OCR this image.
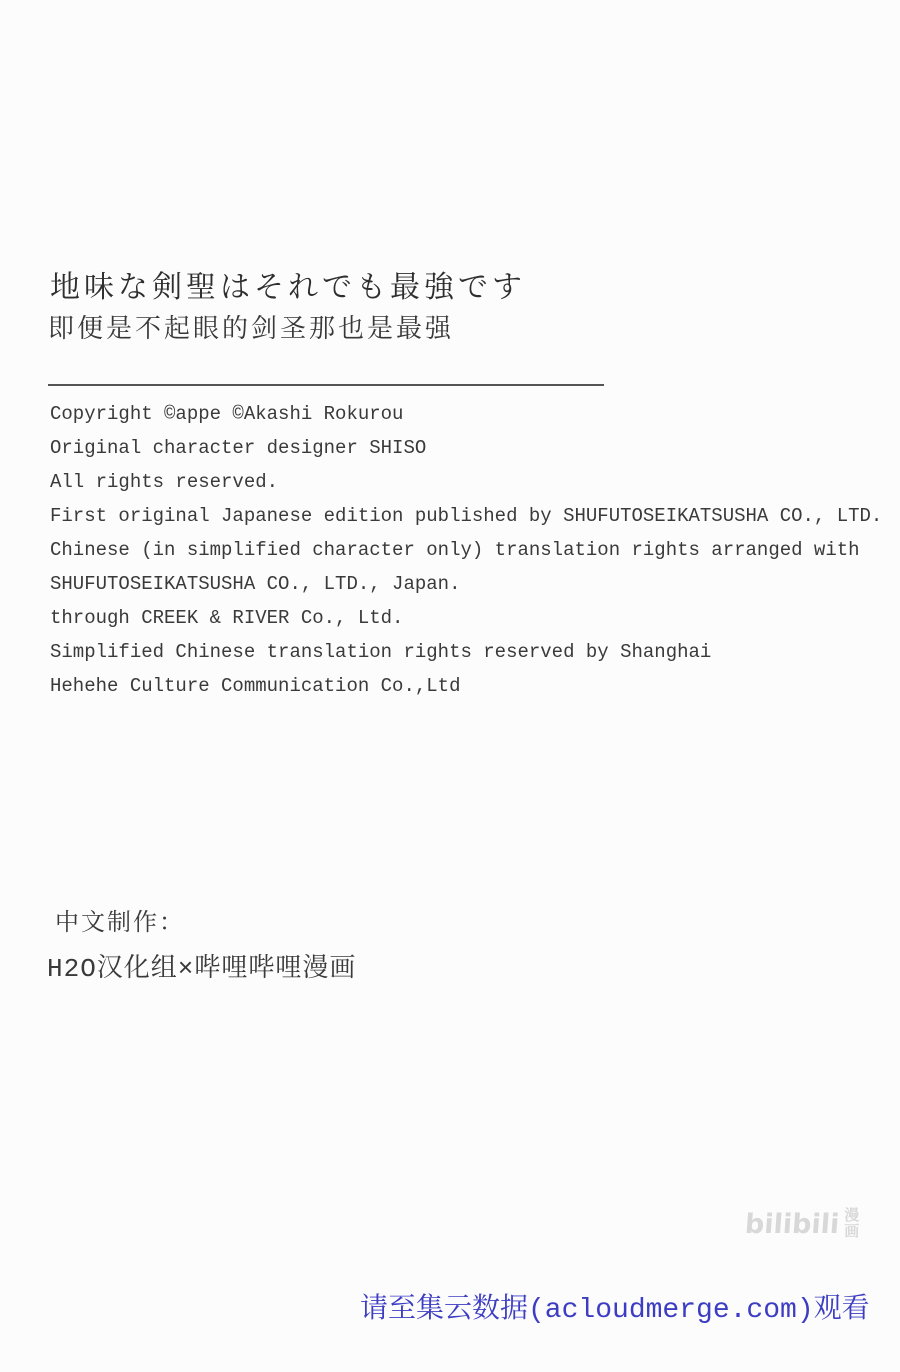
地味な剣聖はそれでも最強です
即便是不起眼的剑圣那也是最强
Copyright ©appe ©Akashi Rokurou
Original character designer SHISO
All rights reserved.
First original Japanese edition published by SHUFUTOSEIKATSUSHA CO., LTD.
Chinese (in simplified character only) translation rights arranged with
SHUFUTOSEIKATSUSHA CO., LTD., Japan.
through CREEK & RIVER Co., Ltd.
Simplified Chinese translation rights reserved by Shanghai
Hehehe Culture Communication Co.,Ltd
中文制作：
H2O汉化组×哔哩哔哩漫画
bilibili 漫
画
请至集云数据(acloudmerge.com)观看
